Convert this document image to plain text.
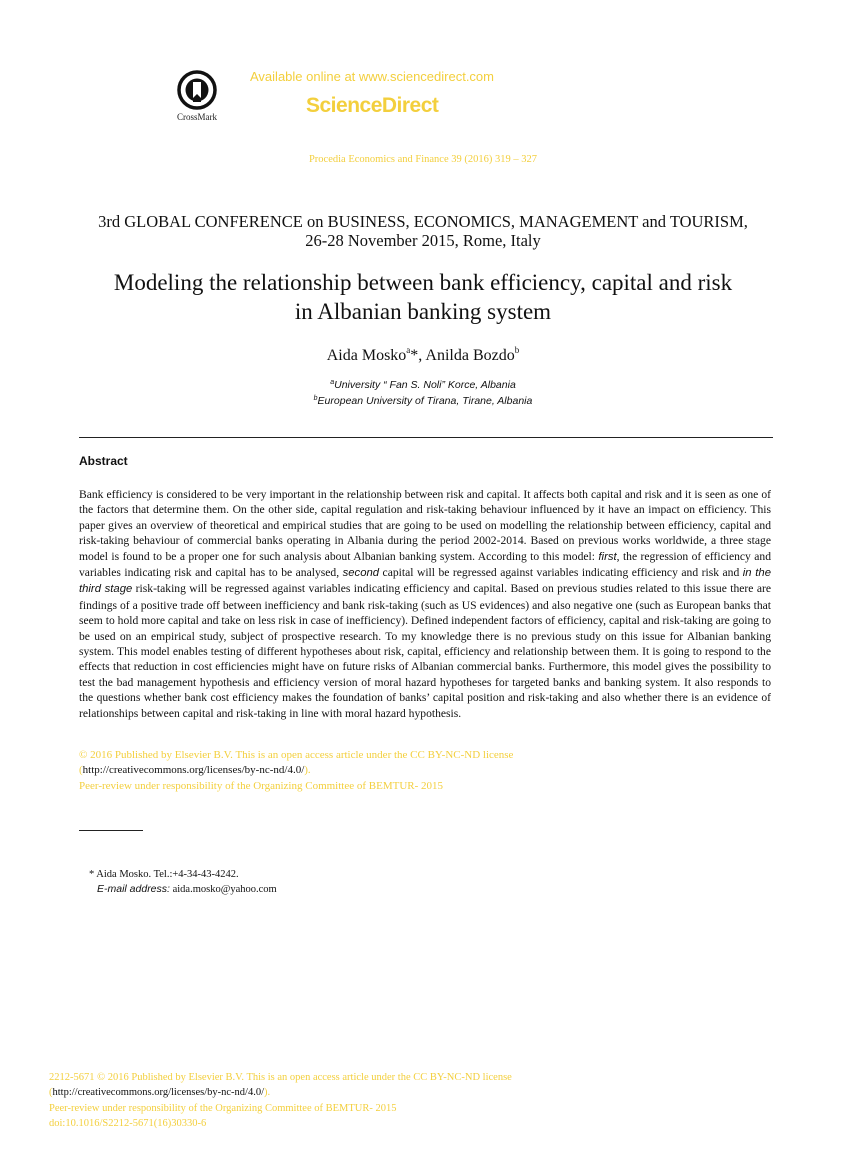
CrossMark
Available online at www.sciencedirect.com
ScienceDirect
Procedia Economics and Finance 39 (2016) 319 – 327
3rd GLOBAL CONFERENCE on BUSINESS, ECONOMICS, MANAGEMENT and TOURISM,
26-28 November 2015, Rome, Italy
Modeling the relationship between bank efficiency, capital and risk
in Albanian banking system
Aida Mosko$^a$*, Anilda Bozdo$^b$
$^a$University “ Fan S. Noli” Korce, Albania
$^b$European University of Tirana, Tirane, Albania
Abstract
Bank efficiency is considered to be very important in the relationship between risk and capital. It affects both capital and risk and it is seen as one of the factors that determine them. On the other side, capital regulation and risk-taking behaviour influenced by it have an impact on efficiency. This paper gives an overview of theoretical and empirical studies that are going to be used on modelling the relationship between efficiency, capital and risk-taking behaviour of commercial banks operating in Albania during the period 2002-2014. Based on previous works worldwide, a three stage model is found to be a proper one for such analysis about Albanian banking system. According to this model: first, the regression of efficiency and variables indicating risk and capital has to be analysed, second capital will be regressed against variables indicating efficiency and risk and in the third stage risk-taking will be regressed against variables indicating efficiency and capital. Based on previous studies related to this issue there are findings of a positive trade off between inefficiency and bank risk-taking (such as US evidences) and also negative one (such as European banks that seem to hold more capital and take on less risk in case of inefficiency). Defined independent factors of efficiency, capital and risk-taking are going to be used on an empirical study, subject of prospective research. To my knowledge there is no previous study on this issue for Albanian banking system. This model enables testing of different hypotheses about risk, capital, efficiency and relationship between them. It is going to respond to the effects that reduction in cost efficiencies might have on future risks of Albanian commercial banks. Furthermore, this model gives the possibility to test the bad management hypothesis and efficiency version of moral hazard hypotheses for targeted banks and banking system. It also responds to the questions whether bank cost efficiency makes the foundation of banks’ capital position and risk-taking and also whether there is an evidence of relationships between capital and risk-taking in line with moral hazard hypothesis.
© 2016 Published by Elsevier B.V. This is an open access article under the CC BY-NC-ND license
(http://creativecommons.org/licenses/by-nc-nd/4.0/).
Peer-review under responsibility of the Organizing Committee of BEMTUR- 2015
* Aida Mosko. Tel.:+4-34-43-4242.
E-mail address: aida.mosko@yahoo.com
2212-5671 © 2016 Published by Elsevier B.V. This is an open access article under the CC BY-NC-ND license
(http://creativecommons.org/licenses/by-nc-nd/4.0/).
Peer-review under responsibility of the Organizing Committee of BEMTUR- 2015
doi:10.1016/S2212-5671(16)30330-6
